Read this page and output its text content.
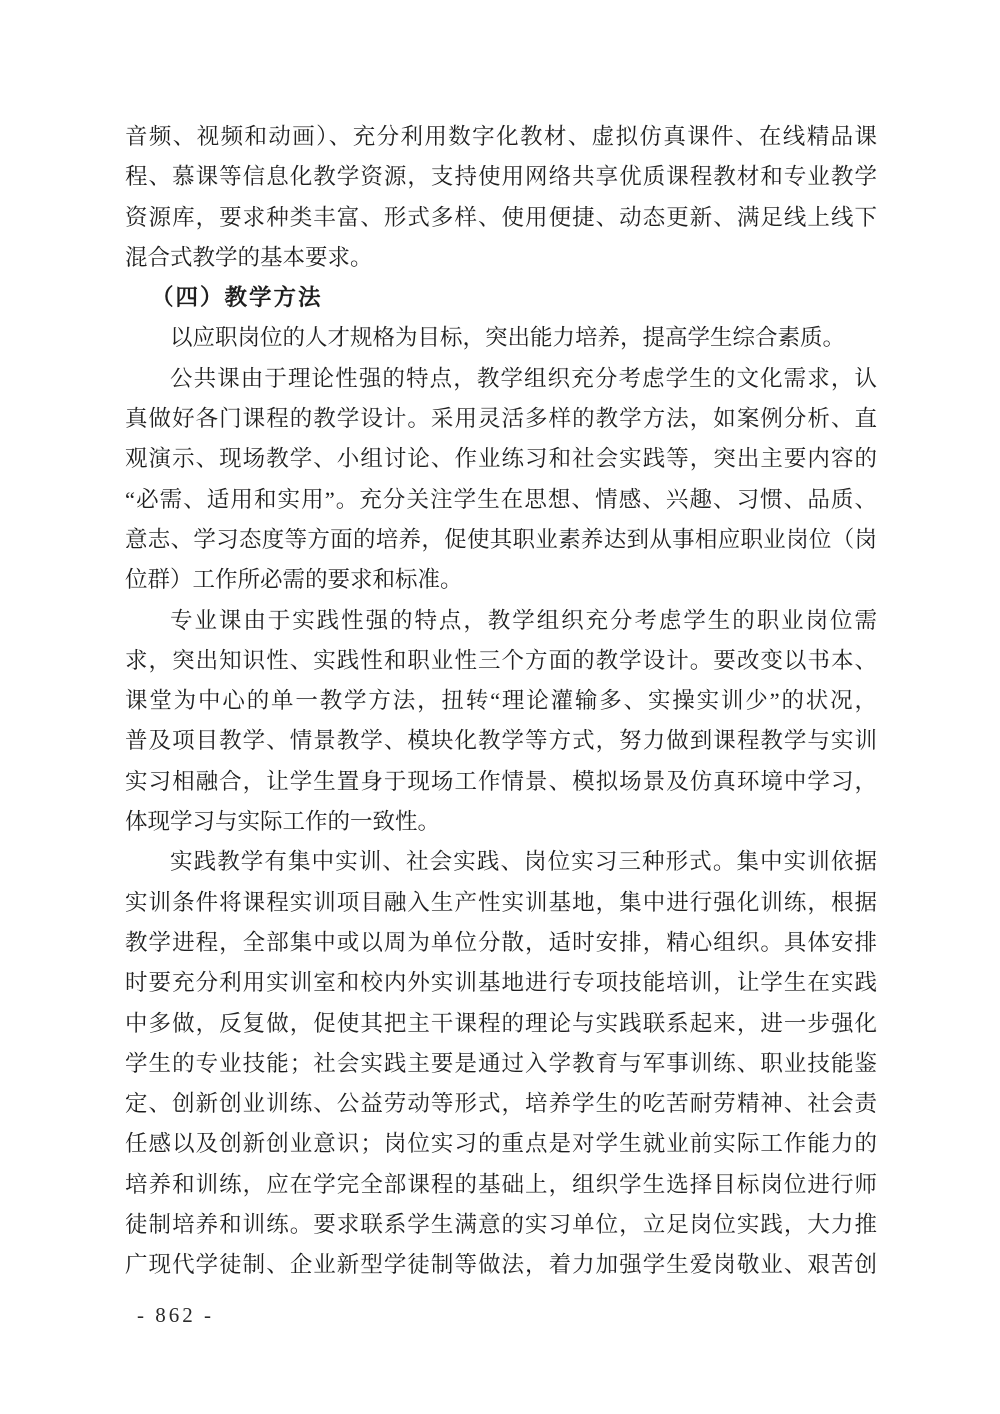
音频、视频和动画）、充分利用数字化教材、虚拟仿真课件、在线精品课
程、慕课等信息化教学资源，支持使用网络共享优质课程教材和专业教学
资源库，要求种类丰富、形式多样、使用便捷、动态更新、满足线上线下
混合式教学的基本要求。
（四）教学方法
以应职岗位的人才规格为目标，突出能力培养，提高学生综合素质。
公共课由于理论性强的特点，教学组织充分考虑学生的文化需求，认
真做好各门课程的教学设计。采用灵活多样的教学方法，如案例分析、直
观演示、现场教学、小组讨论、作业练习和社会实践等，突出主要内容的
“必需、适用和实用”。充分关注学生在思想、情感、兴趣、习惯、品质、
意志、学习态度等方面的培养，促使其职业素养达到从事相应职业岗位（岗
位群）工作所必需的要求和标准。
专业课由于实践性强的特点，教学组织充分考虑学生的职业岗位需
求，突出知识性、实践性和职业性三个方面的教学设计。要改变以书本、
课堂为中心的单一教学方法，扭转“理论灌输多、实操实训少”的状况，
普及项目教学、情景教学、模块化教学等方式，努力做到课程教学与实训
实习相融合，让学生置身于现场工作情景、模拟场景及仿真环境中学习，
体现学习与实际工作的一致性。
实践教学有集中实训、社会实践、岗位实习三种形式。集中实训依据
实训条件将课程实训项目融入生产性实训基地，集中进行强化训练，根据
教学进程，全部集中或以周为单位分散，适时安排，精心组织。具体安排
时要充分利用实训室和校内外实训基地进行专项技能培训，让学生在实践
中多做，反复做，促使其把主干课程的理论与实践联系起来，进一步强化
学生的专业技能；社会实践主要是通过入学教育与军事训练、职业技能鉴
定、创新创业训练、公益劳动等形式，培养学生的吃苦耐劳精神、社会责
任感以及创新创业意识；岗位实习的重点是对学生就业前实际工作能力的
培养和训练，应在学完全部课程的基础上，组织学生选择目标岗位进行师
徒制培养和训练。要求联系学生满意的实习单位，立足岗位实践，大力推
广现代学徒制、企业新型学徒制等做法，着力加强学生爱岗敬业、艰苦创
- 862 -
